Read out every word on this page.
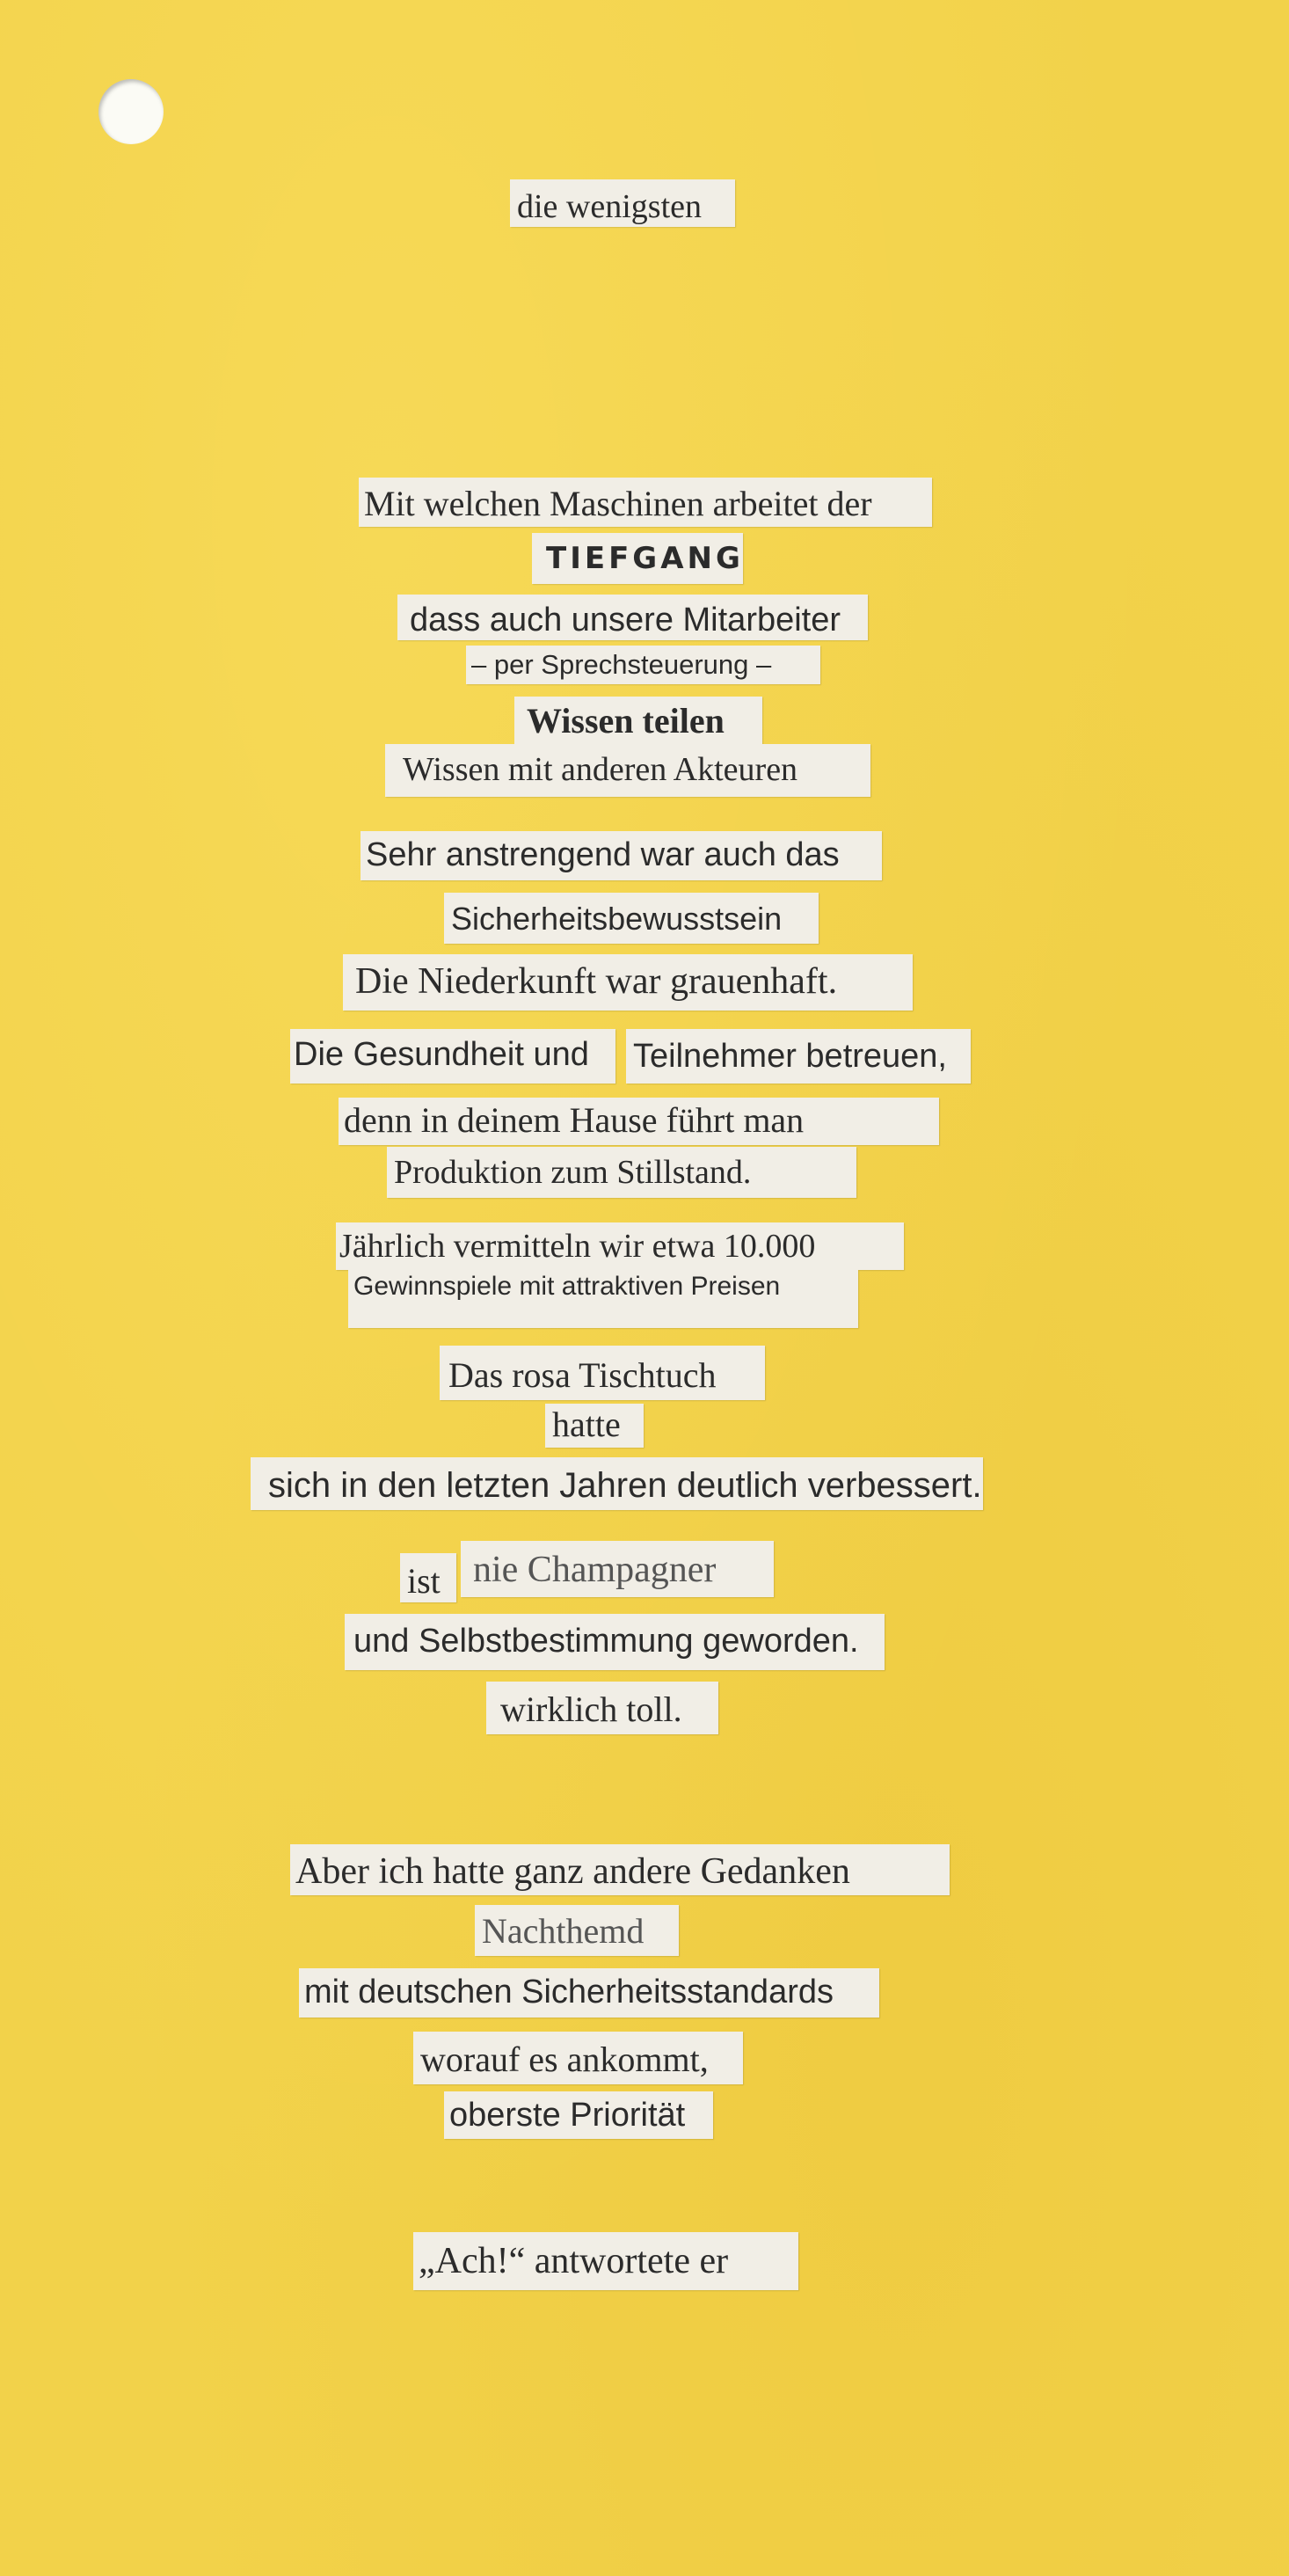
die wenigsten
Mit welchen Maschinen arbeitet der
TIEFGANG
dass auch unsere Mitarbeiter
– per Sprechsteuerung –
Wissen teilen
Wissen mit anderen Akteuren
Sehr anstrengend war auch das
Sicherheitsbewusstsein
Die Niederkunft war grauenhaft.
Die Gesundheit und	Teilnehmer betreuen,
denn in deinem Hause führt man
Produktion zum Stillstand.
Jährlich vermitteln wir etwa 10.000
Gewinnspiele mit attraktiven Preisen
Das rosa Tischtuch
hatte
sich in den letzten Jahren deutlich verbessert.
ist nie Champagner
und Selbstbestimmung geworden.
wirklich toll.
Aber ich hatte ganz andere Gedanken
Nachthemd
mit deutschen Sicherheitsstandards
worauf es ankommt,
oberste Priorität
„Ach!“ antwortete er
